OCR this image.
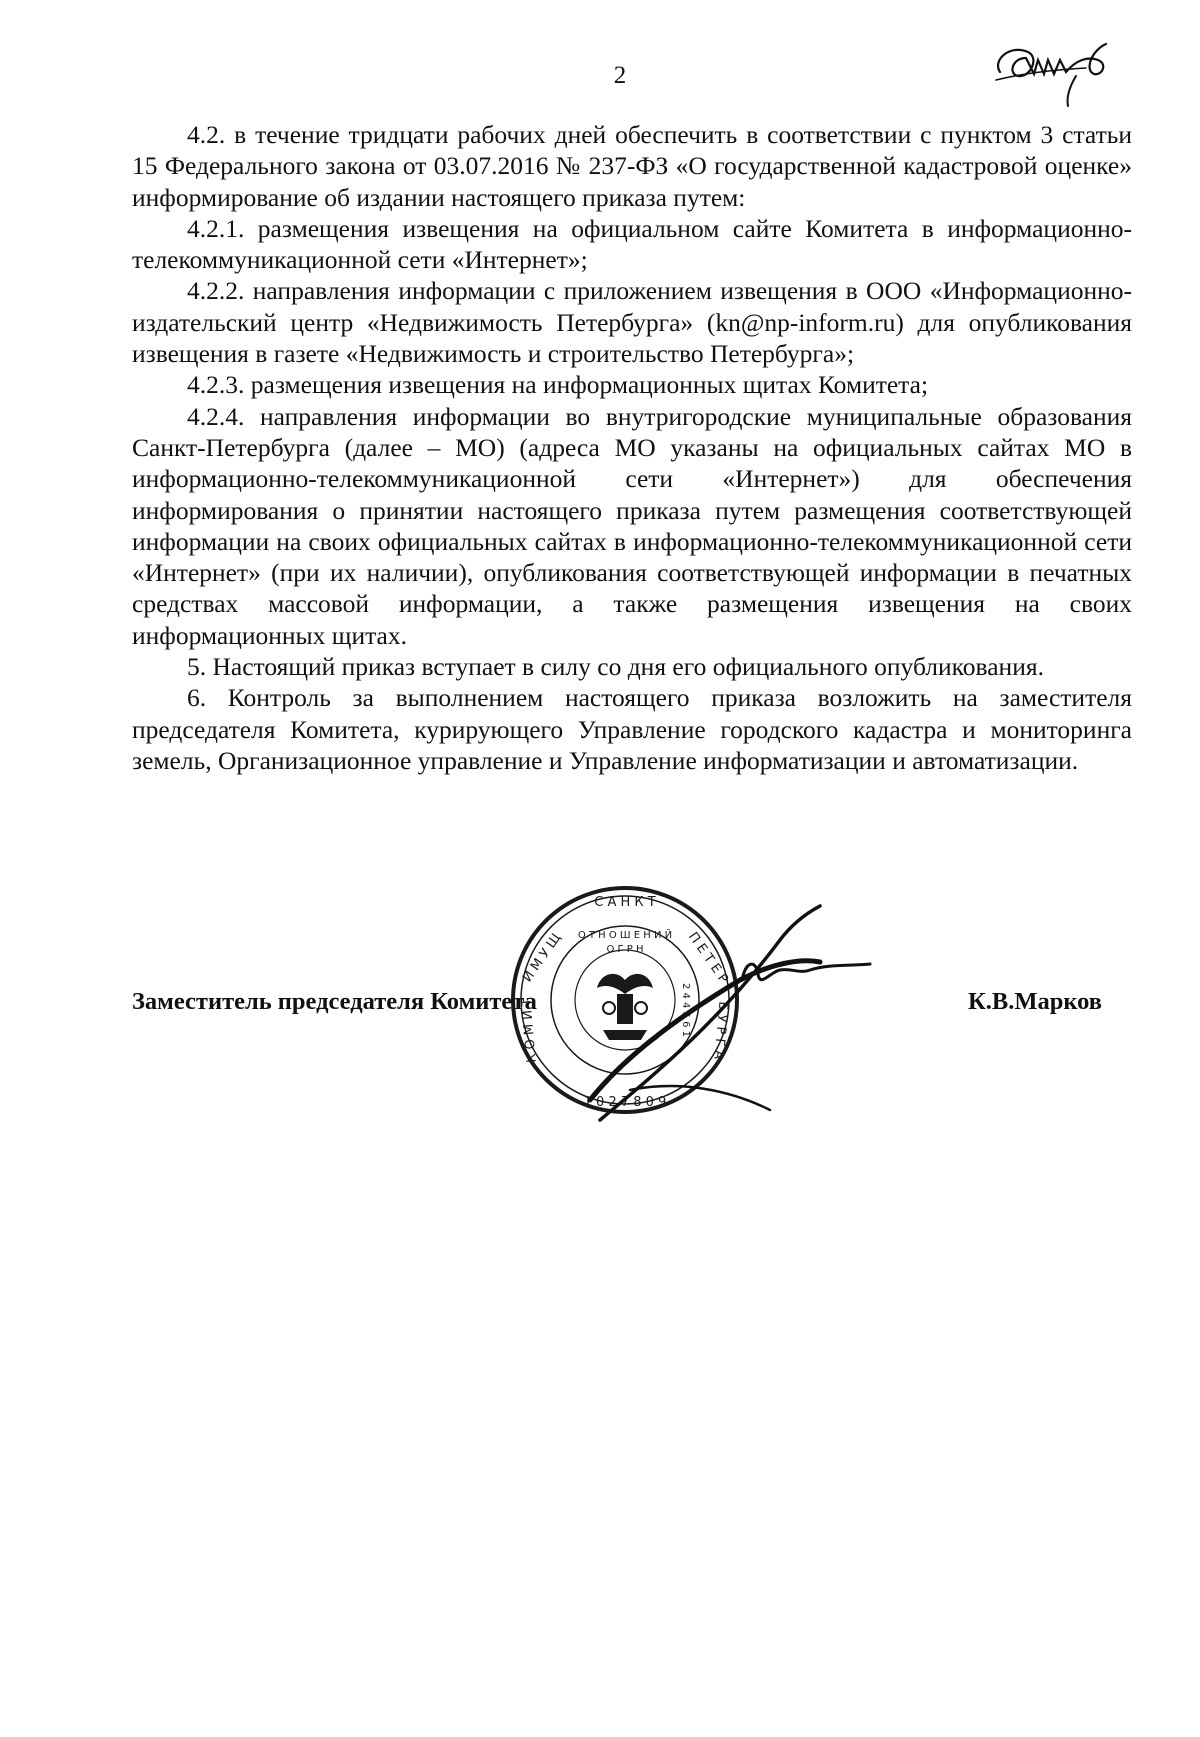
2

4.2. в течение тридцати рабочих дней обеспечить в соответствии с пунктом 3 статьи 15 Федерального закона от 03.07.2016 № 237-ФЗ «О государственной кадастровой оценке» информирование об издании настоящего приказа путем:

4.2.1. размещения извещения на официальном сайте Комитета в информационно-телекоммуникационной сети «Интернет»;

4.2.2. направления информации с приложением извещения в ООО «Информационно-издательский центр «Недвижимость Петербурга» (kn@np-inform.ru) для опубликования извещения в газете «Недвижимость и строительство Петербурга»;

4.2.3. размещения извещения на информационных щитах Комитета;

4.2.4. направления информации во внутригородские муниципальные образования Санкт-Петербурга (далее – МО) (адреса МО указаны на официальных сайтах МО в информационно-телекоммуникационной сети «Интернет») для обеспечения информирования о принятии настоящего приказа путем размещения соответствующей информации на своих официальных сайтах в информационно-телекоммуникационной сети «Интернет» (при их наличии), опубликования соответствующей информации в печатных средствах массовой информации, а также размещения извещения на своих информационных щитах.

5. Настоящий приказ вступает в силу со дня его официального опубликования.

6. Контроль за выполнением настоящего приказа возложить на заместителя председателя Комитета, курирующего Управление городского кадастра и мониторинга земель, Организационное управление и Управление информатизации и автоматизации.

С А Н К Т
П Е Т Е Р
Б У Р Г А
И М У Щ
К О М И Т
1 0 2 7 8 0 9
О Т Н О Ш Е Н И Й
О Г Р Н
2 4 4 5 6 1
Заместитель председателя Комитета	К.В.Марков
